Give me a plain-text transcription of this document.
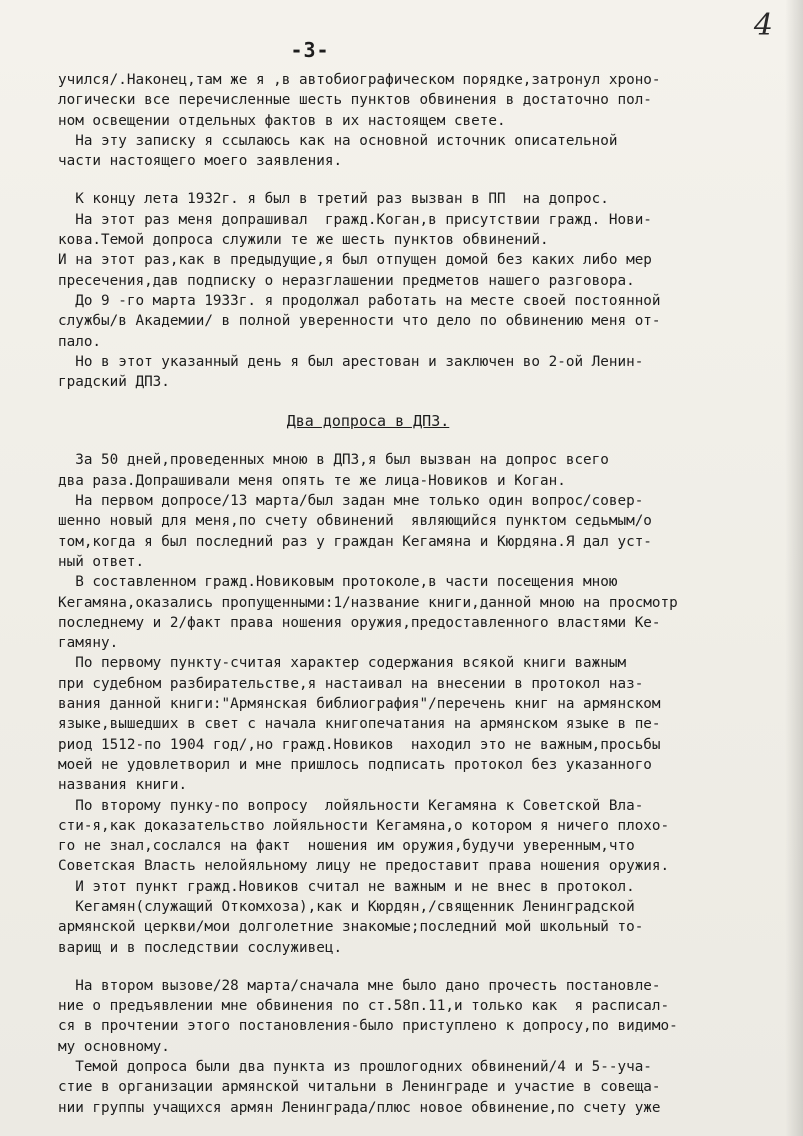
-3-
4
учился/.Наконец,там же я ,в автобиографическом порядке,затронул хроно-
логически все перечисленные шесть пунктов обвинения в достаточно пол-
ном освещении отдельных фактов в их настоящем свете.
На эту записку я ссылаюсь как на основной источник описательной
части настоящего моего заявления.
К концу лета 1932г. я был в третий раз вызван в ПП  на допрос.
На этот раз меня допрашивал  гражд.Коган,в присутствии гражд. Нови-
кова.Темой допроса служили те же шесть пунктов обвинений.
И на этот раз,как в предыдущие,я был отпущен домой без каких либо мер
пресечения,дав подписку о неразглашении предметов нашего разговора.
До 9 -го марта 1933г. я продолжал работать на месте своей постоянной
службы/в Академии/ в полной уверенности что дело по обвинению меня от-
пало.
Но в этот указанный день я был арестован и заключен во 2-ой Ленин-
градский ДПЗ.
Два допроса в ДПЗ.
За 50 дней,проведенных мною в ДПЗ,я был вызван на допрос всего
два раза.Допрашивали меня опять те же лица-Новиков и Коган.
На первом допросе/13 марта/был задан мне только один вопрос/совер-
шенно новый для меня,по счету обвинений  являющийся пунктом седьмым/о
том,когда я был последний раз у граждан Кегамяна и Кюрдяна.Я дал уст-
ный ответ.
В составленном гражд.Новиковым протоколе,в части посещения мною
Кегамяна,оказались пропущенными:1/название книги,данной мною на просмотр
последнему и 2/факт права ношения оружия,предоставленного властями Ке-
гамяну.
По первому пункту-считая характер содержания всякой книги важным
при судебном разбирательстве,я настаивал на внесении в протокол наз-
вания данной книги:"Армянская библиография"/перечень книг на армянском
языке,вышедших в свет с начала книгопечатания на армянском языке в пе-
риод 1512-по 1904 год/,но гражд.Новиков  находил это не важным,просьбы
моей не удовлетворил и мне пришлось подписать протокол без указанного
названия книги.
По второму пунку-по вопросу  лойяльности Кегамяна к Советской Вла-
сти-я,как доказательство лойяльности Кегамяна,о котором я ничего плохо-
го не знал,сослался на факт  ношения им оружия,будучи уверенным,что
Советская Власть нелойяльному лицу не предоставит права ношения оружия.
И этот пункт гражд.Новиков считал не важным и не внес в протокол.
Кегамян(служащий Откомхоза),как и Кюрдян,/священник Ленинградской
армянской церкви/мои долголетние знакомые;последний мой школьный то-
варищ и в последствии сослуживец.
На втором вызове/28 марта/сначала мне было дано прочесть постановле-
ние о предъявлении мне обвинения по ст.58п.11,и только как  я расписал-
ся в прочтении этого постановления-было приступлено к допросу,по видимо-
му основному.
Темой допроса были два пункта из прошлогодних обвинений/4 и 5--уча-
стие в организации армянской читальни в Ленинграде и участие в совеща-
нии группы учащихся армян Ленинграда/плюс новое обвинение,по счету уже
